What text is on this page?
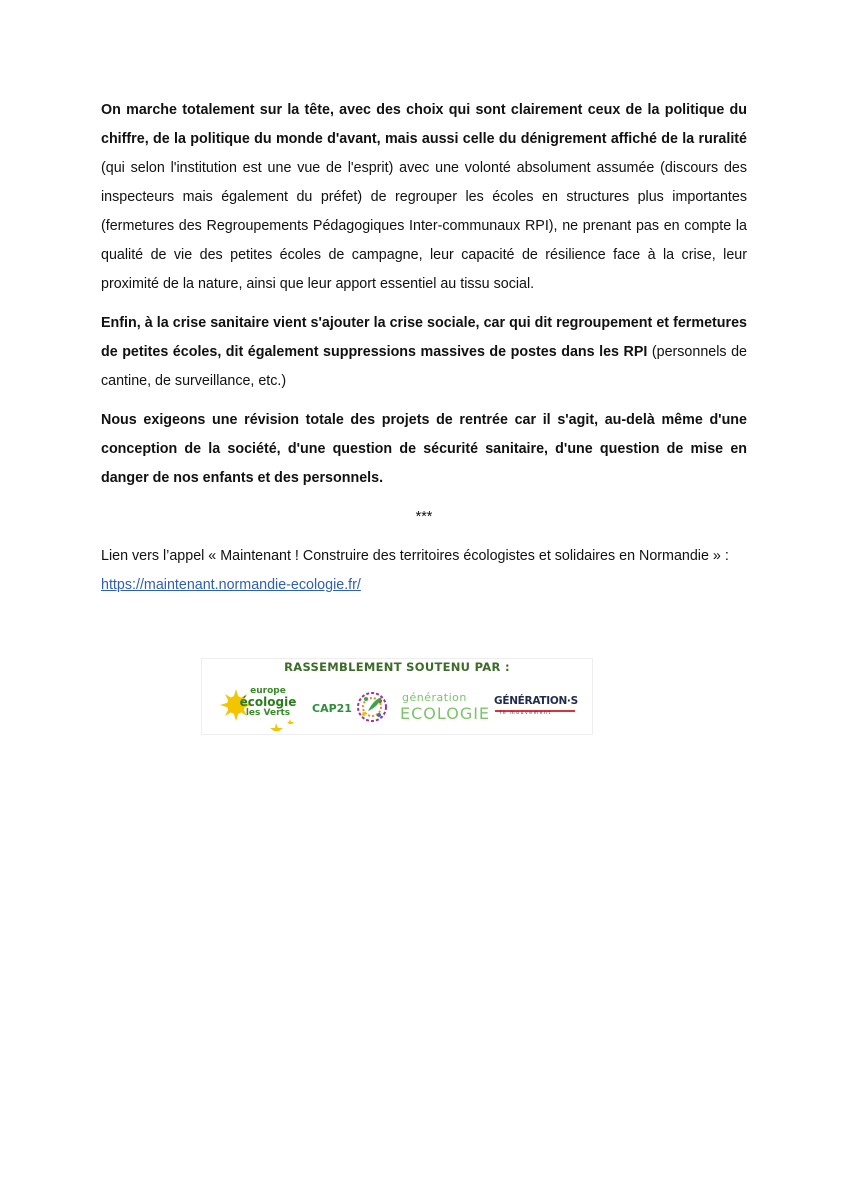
On marche totalement sur la tête, avec des choix qui sont clairement ceux de la politique du chiffre, de la politique du monde d'avant, mais aussi celle du dénigrement affiché de la ruralité (qui selon l'institution est une vue de l'esprit) avec une volonté absolument assumée (discours des inspecteurs mais également du préfet) de regrouper les écoles en structures plus importantes (fermetures des Regroupements Pédagogiques Inter-communaux RPI), ne prenant pas en compte la qualité de vie des petites écoles de campagne, leur capacité de résilience face à la crise, leur proximité de la nature, ainsi que leur apport essentiel au tissu social.

Enfin, à la crise sanitaire vient s'ajouter la crise sociale, car qui dit regroupement et fermetures de petites écoles, dit également suppressions massives de postes dans les RPI (personnels de cantine, de surveillance, etc.)

Nous exigeons une révision totale des projets de rentrée car il s'agit, au-delà même d'une conception de la société, d'une question de sécurité sanitaire, d'une question de mise en danger de nos enfants et des personnels.

***

Lien vers l’appel « Maintenant ! Construire des territoires écologistes et solidaires en Normandie » :
https://maintenant.normandie-ecologie.fr/

RASSEMBLEMENT SOUTENU PAR :
europe
écologie
les Verts	CAP21
génération
ECOLOGIE
GÉNÉRATION·S
le mouvement
